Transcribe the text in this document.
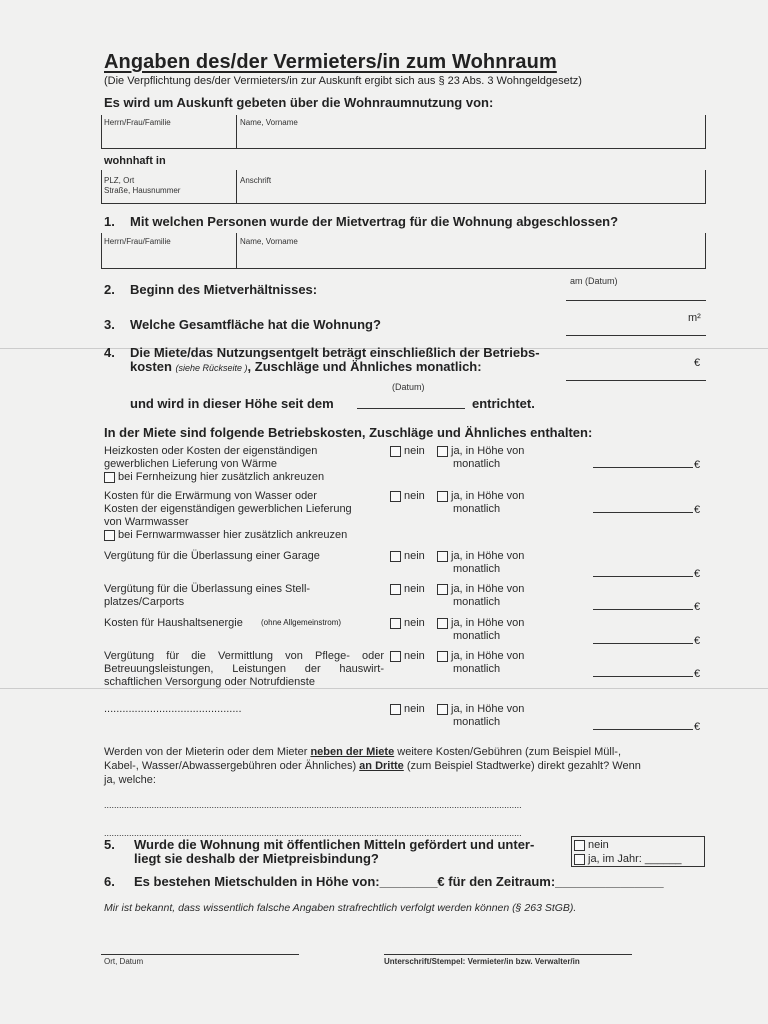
Angaben des/der Vermieters/in zum Wohnraum
(Die Verpflichtung des/der Vermieters/in zur Auskunft ergibt sich aus § 23 Abs. 3 Wohngeldgesetz)
Es wird um Auskunft gebeten über die Wohnraumnutzung von:
Herrn/Frau/Familie	Name, Vorname
wohnhaft in
PLZ, Ort
Straße, Hausnummer
Anschrift
1. Mit welchen Personen wurde der Mietvertrag für die Wohnung abgeschlossen?
Herrn/Frau/Familie	Name, Vorname
am (Datum)
2. Beginn des Mietverhältnisses:
m²
3. Welche Gesamtfläche hat die Wohnung?
4. Die Miete/das Nutzungsentgelt beträgt einschließlich der Betriebs-
kosten (siehe Rückseite ), Zuschläge und Ähnliches monatlich:	€
(Datum)
und wird in dieser Höhe seit dem	entrichtet.
In der Miete sind folgende Betriebskosten, Zuschläge und Ähnliches enthalten:
Heizkosten oder Kosten der eigenständigen
gewerblichen Lieferung von Wärme
bei Fernheizung hier zusätzlich ankreuzen
nein	ja, in Höhe von
monatlich	€
Kosten für die Erwärmung von Wasser oder
Kosten der eigenständigen gewerblichen Lieferung
von Warmwasser
bei Fernwarmwasser hier zusätzlich ankreuzen
nein	ja, in Höhe von
monatlich	€
Vergütung für die Überlassung einer Garage	nein	ja, in Höhe von
monatlich	€
Vergütung für die Überlassung eines Stell-
platzes/Carports
nein	ja, in Höhe von
monatlich	€
Kosten für Haushaltsenergie	(ohne Allgemeinstrom)	nein	ja, in Höhe von
monatlich	€
Vergütung für die Vermittlung von Pflege- oder
Betreuungsleistungen, Leistungen der hauswirt-
schaftlichen Versorgung oder Notrufdienste
nein	ja, in Höhe von
monatlich	€
.............................................	nein	ja, in Höhe von
monatlich	€
Werden von der Mieterin oder dem Mieter neben der Miete weitere Kosten/Gebühren (zum Beispiel Müll-,
Kabel-, Wasser/Abwassergebühren oder Ähnliches) an Dritte (zum Beispiel Stadtwerke) direkt gezahlt? Wenn
ja, welche:
.......................................................................................................................................................................
.......................................................................................................................................................................
5. Wurde die Wohnung mit öffentlichen Mitteln gefördert und unter-
liegt sie deshalb der Mietpreisbindung?
nein
ja, im Jahr: ______
6. Es bestehen Mietschulden in Höhe von:________€ für den Zeitraum:_______________
Mir ist bekannt, dass wissentlich falsche Angaben strafrechtlich verfolgt werden können (§ 263 StGB).
Ort, Datum	Unterschrift/Stempel: Vermieter/in bzw. Verwalter/in
